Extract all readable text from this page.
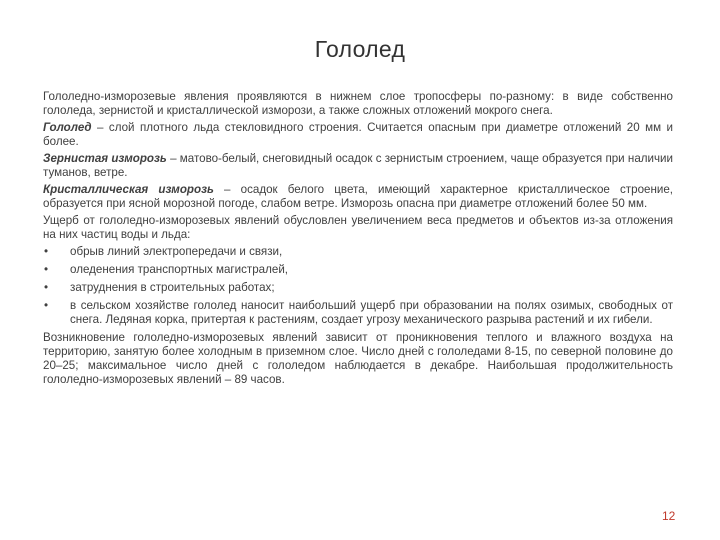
Гололед

Гололедно-изморозевые явления проявляются в нижнем слое тропосферы по-разному: в виде собственно гололеда, зернистой и кристаллической изморози, а также сложных отложений мокрого снега.

Гололед – слой плотного льда стекловидного строения. Считается опасным при диаметре отложений 20 мм и более.

Зернистая изморозь – матово-белый, снеговидный осадок с зернистым строением, чаще образуется при наличии туманов, ветре.

Кристаллическая изморозь – осадок белого цвета, имеющий характерное кристаллическое строение, образуется при ясной морозной погоде, слабом ветре. Изморозь опасна при диаметре отложений более 50 мм.

Ущерб от гололедно-изморозевых явлений обусловлен увеличением веса предметов и объектов из-за отложения на них частиц воды и льда:

• обрыв линий электропередачи и связи,
• оледенения транспортных магистралей,
• затруднения в строительных работах;
• в сельском хозяйстве гололед наносит наибольший ущерб при образовании на полях озимых, свободных от снега. Ледяная корка, притертая к растениям, создает угрозу механического разрыва растений и их гибели.

Возникновение гололедно-изморозевых явлений зависит от проникновения теплого и влажного воздуха на территорию, занятую более холодным в приземном слое. Число дней с гололедами 8-15, по северной половине до 20–25; максимальное число дней с гололедом наблюдается в декабре. Наибольшая продолжительность гололедно-изморозевых явлений – 89 часов.

12
